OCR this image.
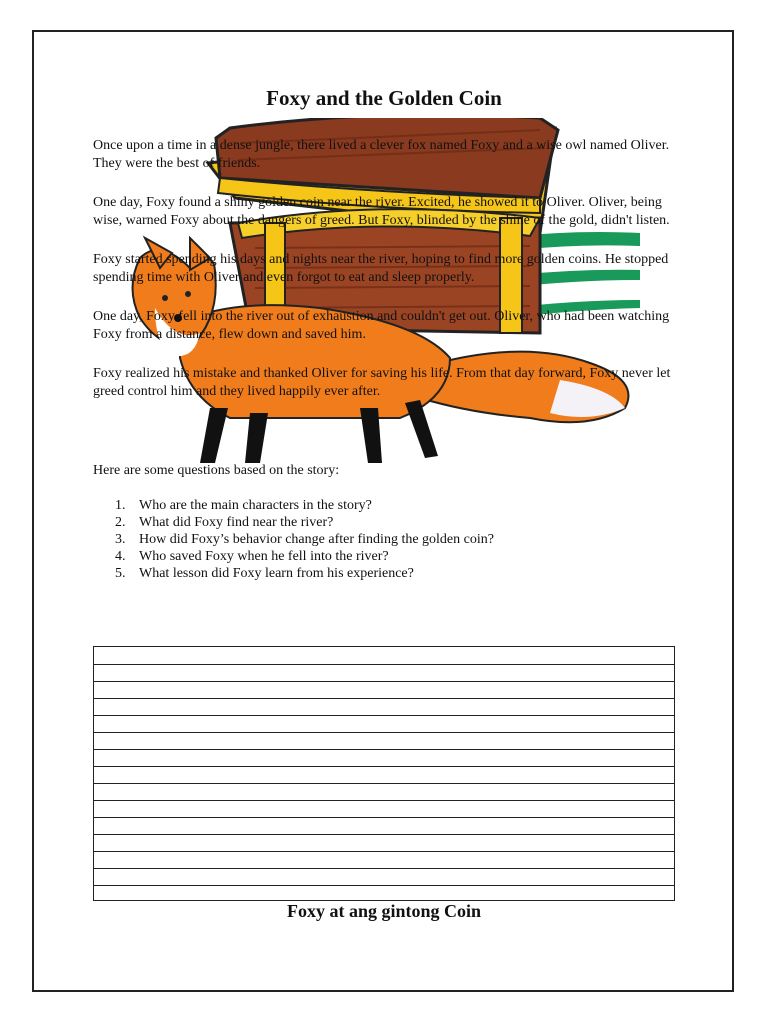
Foxy and the Golden Coin

Once upon a time in a dense jungle, there lived a clever fox named Foxy and a wise owl named Oliver. They were the best of friends.

One day, Foxy found a shiny golden coin near the river. Excited, he showed it to Oliver. Oliver, being wise, warned Foxy about the dangers of greed. But Foxy, blinded by the shine of the gold, didn't listen.

Foxy started spending his days and nights near the river, hoping to find more golden coins. He stopped spending time with Oliver and even forgot to eat and sleep properly.

One day, Foxy fell into the river out of exhaustion and couldn't get out. Oliver, who had been watching Foxy from a distance, flew down and saved him.

Foxy realized his mistake and thanked Oliver for saving his life. From that day forward, Foxy never let greed control him and they lived happily ever after.

Here are some questions based on the story:
1. Who are the main characters in the story?
2. What did Foxy find near the river?
3. How did Foxy’s behavior change after finding the golden coin?
4. Who saved Foxy when he fell into the river?
5. What lesson did Foxy learn from his experience?
Foxy at ang gintong Coin
